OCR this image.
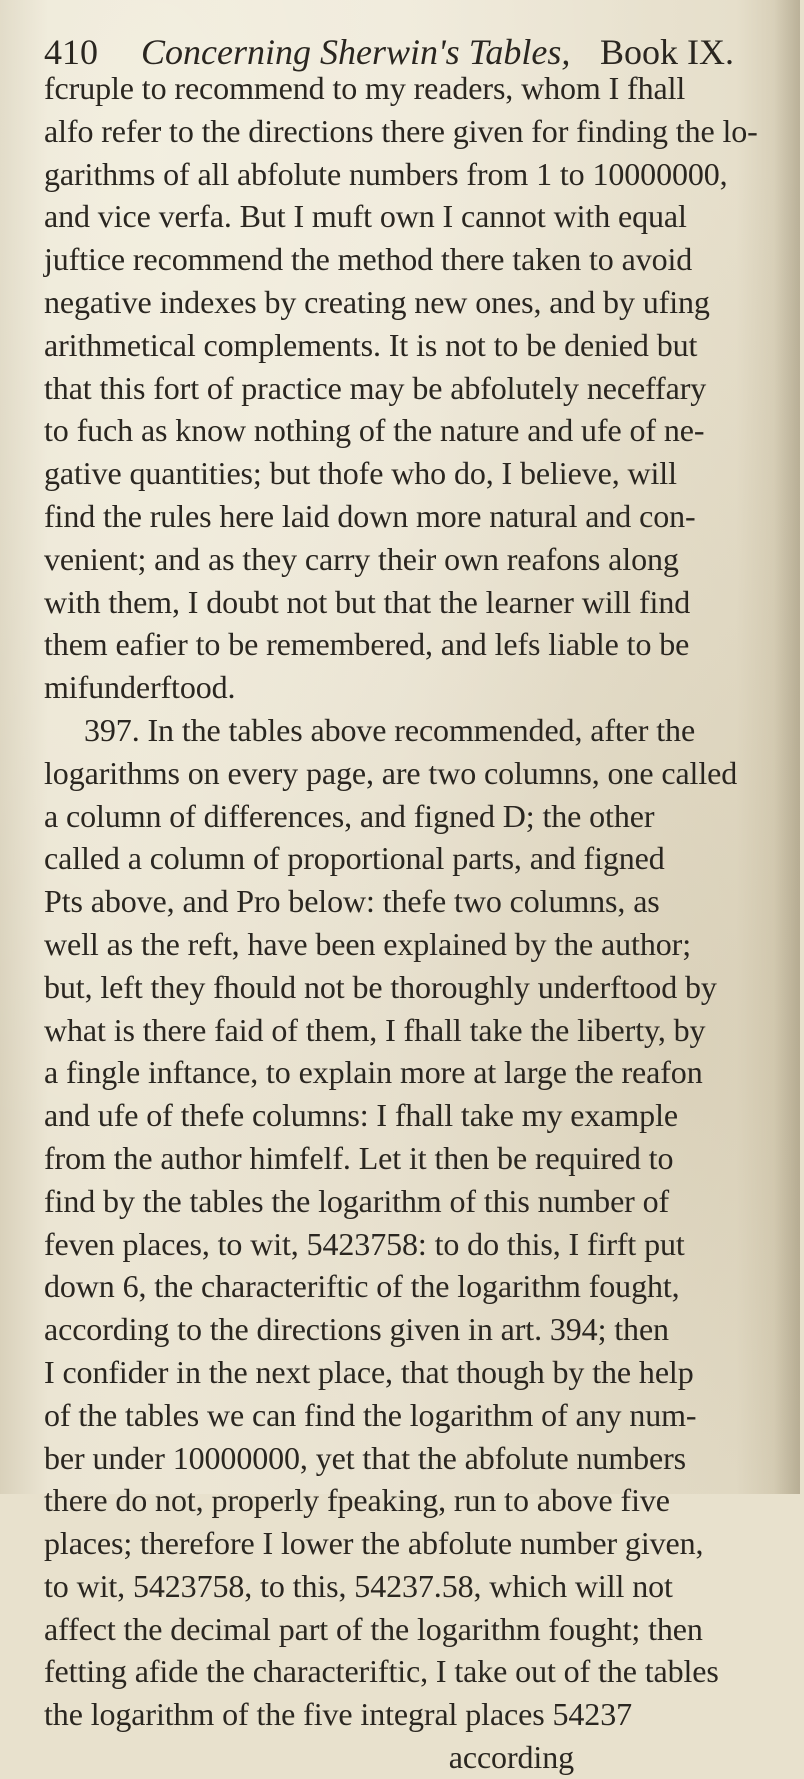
410 Concerning Sherwin's Tables, Book IX.
fcruple to recommend to my readers, whom I fhall
alfo refer to the directions there given for finding the lo-
garithms of all abfolute numbers from 1 to 10000000,
and vice verfa. But I muft own I cannot with equal
juftice recommend the method there taken to avoid
negative indexes by creating new ones, and by ufing
arithmetical complements. It is not to be denied but
that this fort of practice may be abfolutely neceffary
to fuch as know nothing of the nature and ufe of ne-
gative quantities; but thofe who do, I believe, will
find the rules here laid down more natural and con-
venient; and as they carry their own reafons along
with them, I doubt not but that the learner will find
them eafier to be remembered, and lefs liable to be
mifunderftood.
397. In the tables above recommended, after the
logarithms on every page, are two columns, one called
a column of differences, and figned D; the other
called a column of proportional parts, and figned
Pts above, and Pro below: thefe two columns, as
well as the reft, have been explained by the author;
but, left they fhould not be thoroughly underftood by
what is there faid of them, I fhall take the liberty, by
a fingle inftance, to explain more at large the reafon
and ufe of thefe columns: I fhall take my example
from the author himfelf. Let it then be required to
find by the tables the logarithm of this number of
feven places, to wit, 5423758: to do this, I firft put
down 6, the characteriftic of the logarithm fought,
according to the directions given in art. 394; then
I confider in the next place, that though by the help
of the tables we can find the logarithm of any num-
ber under 10000000, yet that the abfolute numbers
there do not, properly fpeaking, run to above five
places; therefore I lower the abfolute number given,
to wit, 5423758, to this, 54237.58, which will not
affect the decimal part of the logarithm fought; then
fetting afide the characteriftic, I take out of the tables
the logarithm of the five integral places 54237
according
